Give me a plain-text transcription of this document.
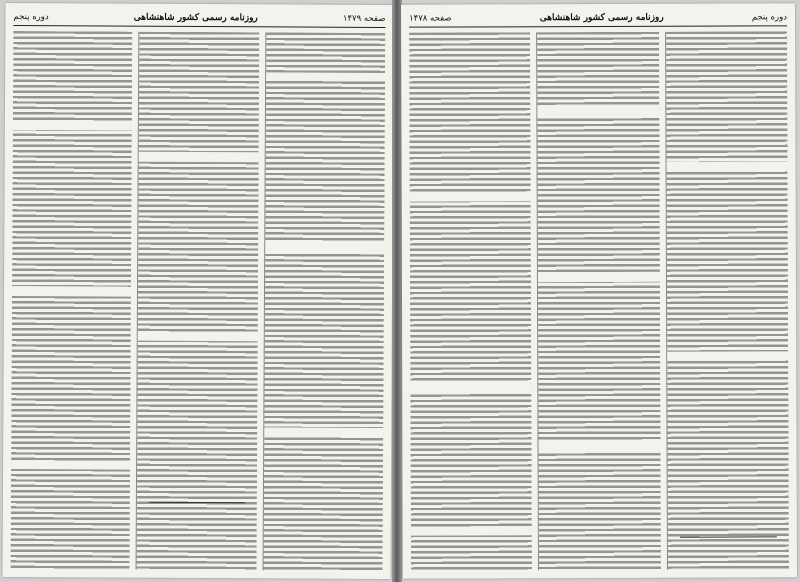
صفحه ۱۴۷۹
روزنامه رسمی کشور شاهنشاهی
دوره پنجم	دوره پنجم
روزنامه رسمی کشور شاهنشاهی
صفحه ۱۴۷۸
